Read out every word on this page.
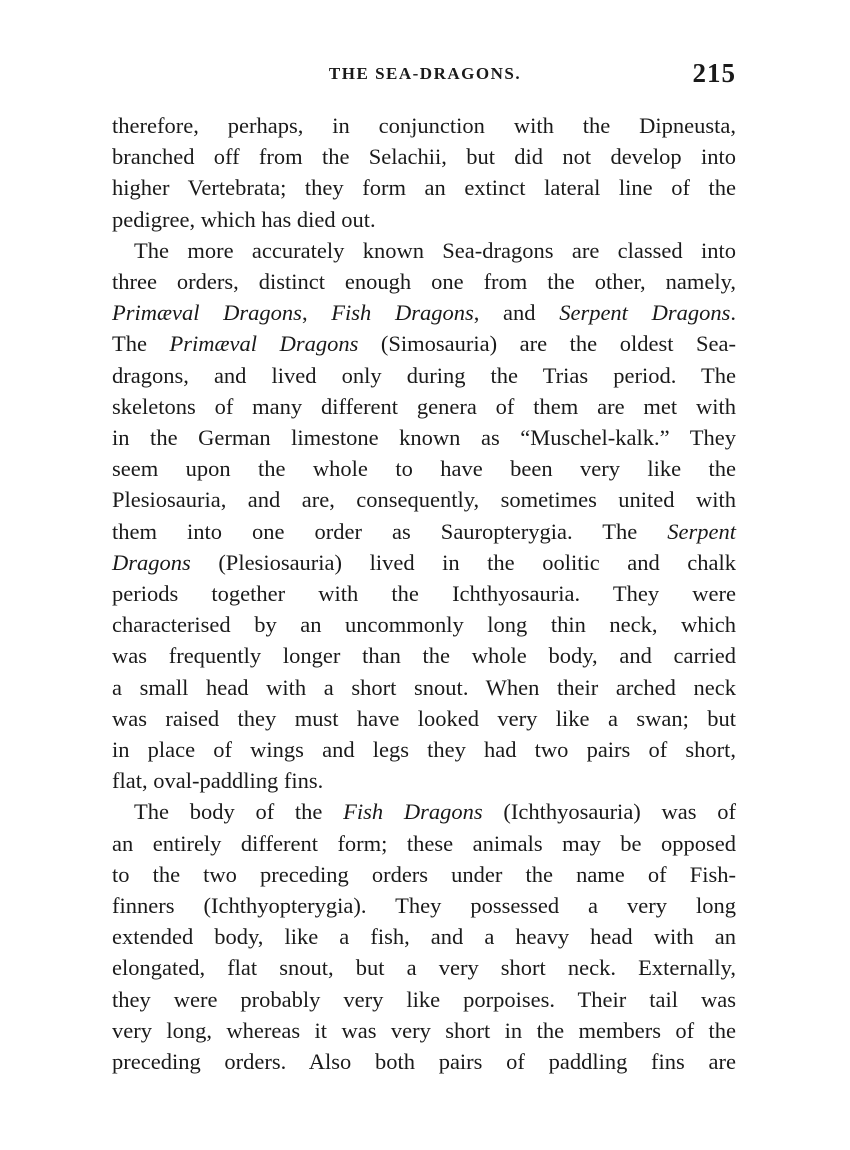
THE SEA-DRAGONS.	215
therefore, perhaps, in conjunction with the Dipneusta,
branched off from the Selachii, but did not develop into
higher Vertebrata; they form an extinct lateral line of the
pedigree, which has died out.
The more accurately known Sea-dragons are classed into
three orders, distinct enough one from the other, namely,
Primæval Dragons, Fish Dragons, and Serpent Dragons.
The Primæval Dragons (Simosauria) are the oldest Sea-
dragons, and lived only during the Trias period. The
skeletons of many different genera of them are met with
in the German limestone known as “Muschel-kalk.” They
seem upon the whole to have been very like the
Plesiosauria, and are, consequently, sometimes united with
them into one order as Sauropterygia. The Serpent
Dragons (Plesiosauria) lived in the oolitic and chalk
periods together with the Ichthyosauria. They were
characterised by an uncommonly long thin neck, which
was frequently longer than the whole body, and carried
a small head with a short snout. When their arched neck
was raised they must have looked very like a swan; but
in place of wings and legs they had two pairs of short,
flat, oval-paddling fins.
The body of the Fish Dragons (Ichthyosauria) was of
an entirely different form; these animals may be opposed
to the two preceding orders under the name of Fish-
finners (Ichthyopterygia). They possessed a very long
extended body, like a fish, and a heavy head with an
elongated, flat snout, but a very short neck. Externally,
they were probably very like porpoises. Their tail was
very long, whereas it was very short in the members of the
preceding orders. Also both pairs of paddling fins are
